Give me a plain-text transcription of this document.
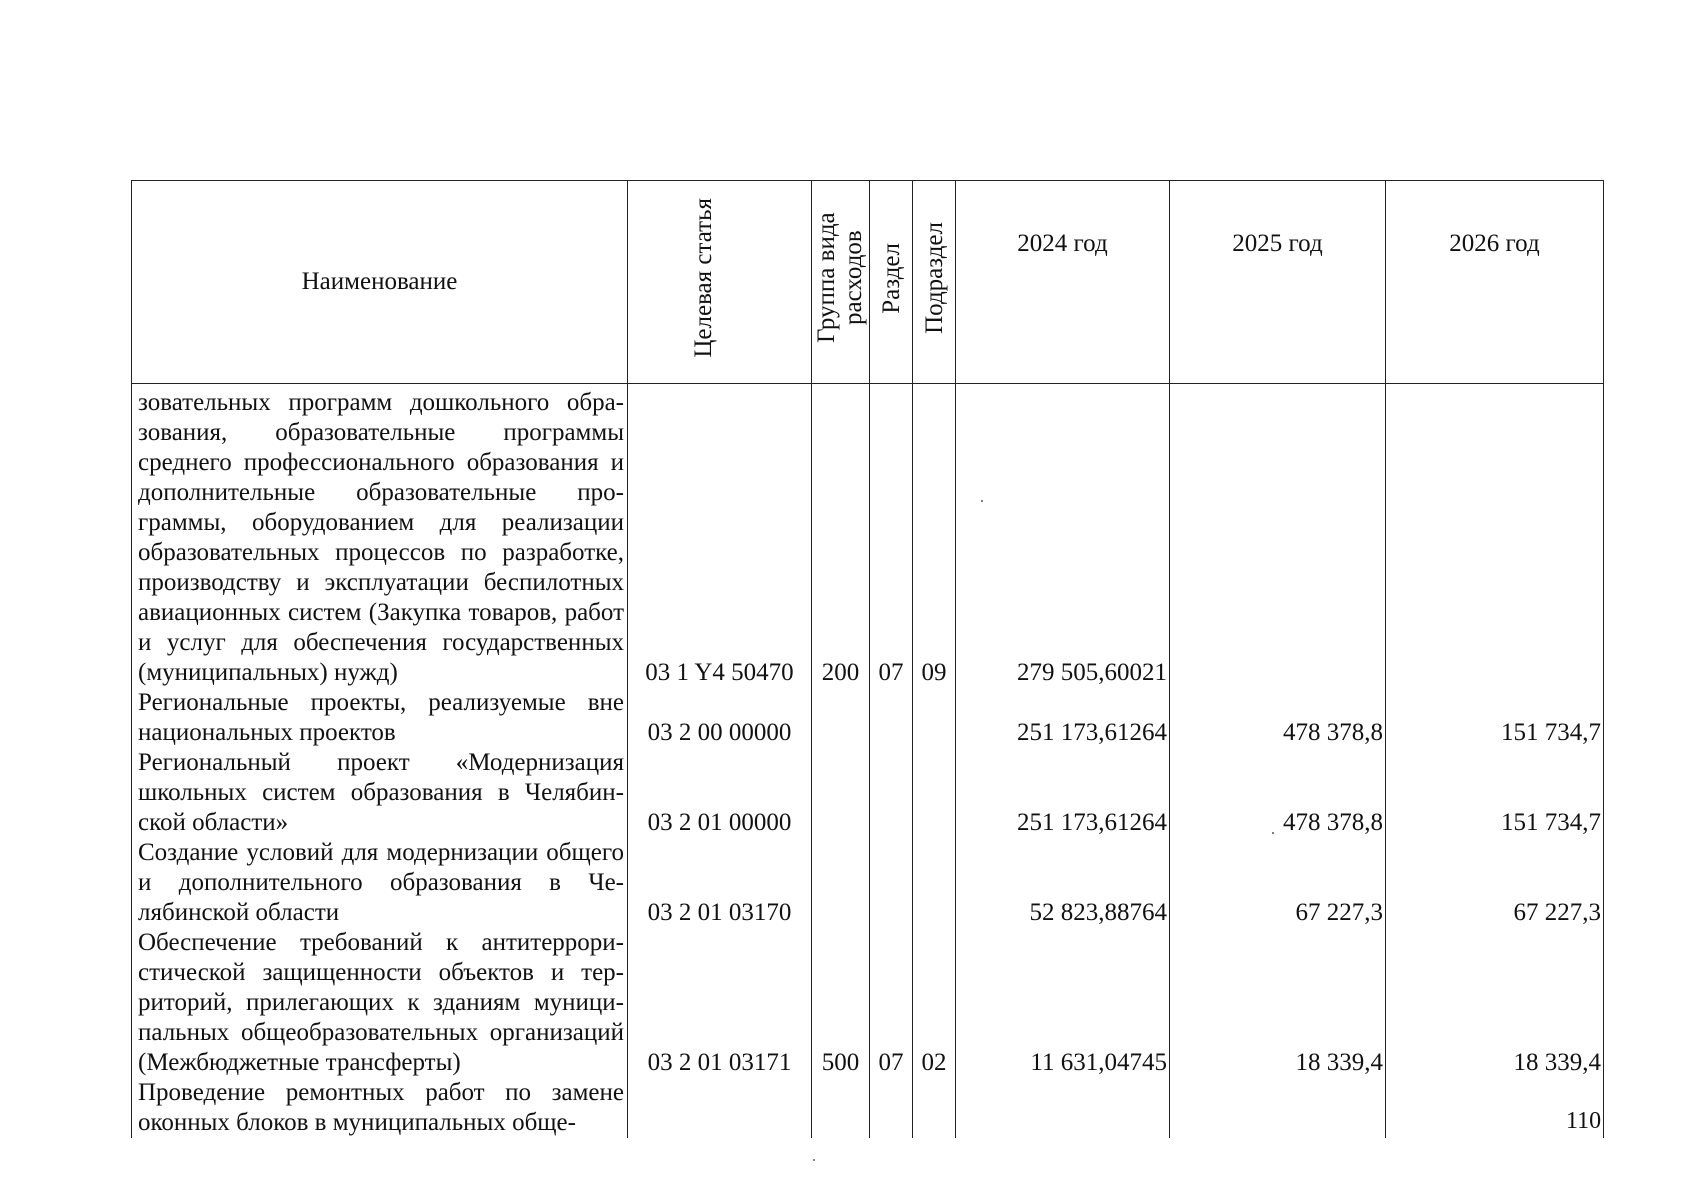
Наименование	Целевая статья	Группа вида расходов	Раздел	Подраздел	2024 год	2025 год	2026 год
зовательных программ дошкольного образования, образовательные программы среднего профессионального образования и дополнительные образовательные программы, оборудованием для реализации образовательных процессов по разработке, производству и эксплуатации беспилотных авиационных систем (Закупка товаров, работ и услуг для обеспечения государственных (муниципальных) нужд)	03 1 Y4 50470	200	07	09	279 505,60021		
Региональные проекты, реализуемые вне национальных проектов	03 2 00 00000				251 173,61264	478 378,8	151 734,7
Региональный проект «Модернизация школьных систем образования в Челябинской области»	03 2 01 00000				251 173,61264	478 378,8	151 734,7
Создание условий для модернизации общего и дополнительного образования в Челябинской области	03 2 01 03170				52 823,88764	67 227,3	67 227,3
Обеспечение требований к антитеррористической защищенности объектов и территорий, прилегающих к зданиям муниципальных общеобразовательных организаций (Межбюджетные трансферты)	03 2 01 03171	500	07	02	11 631,04745	18 339,4	18 339,4
Проведение ремонтных работ по замене оконных блоков в муниципальных обще-								110
